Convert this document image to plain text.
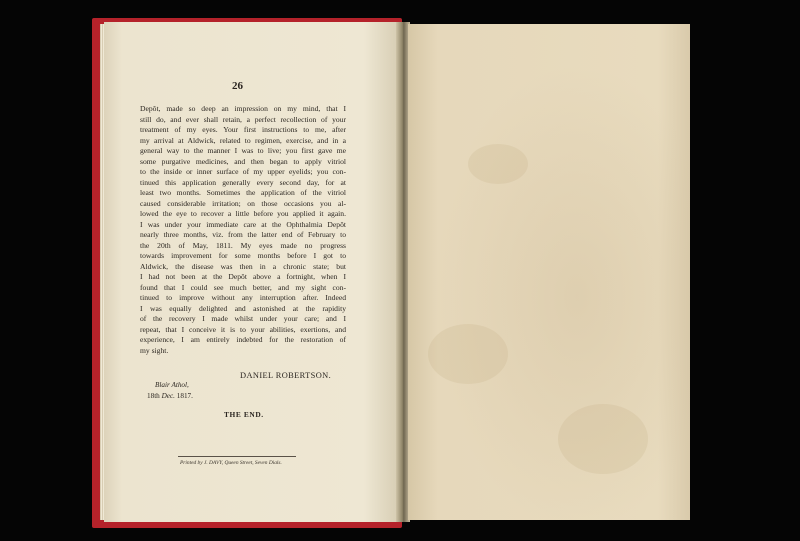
26
Depôt, made so deep an impression on my mind, that I
still do, and ever shall retain, a perfect recollection of your
treatment of my eyes. Your first instructions to me, after
my arrival at Aldwick, related to regimen, exercise, and in a
general way to the manner I was to live; you first gave me
some purgative medicines, and then began to apply vitriol
to the inside or inner surface of my upper eyelids; you con-
tinued this application generally every second day, for at
least two months. Sometimes the application of the vitriol
caused considerable irritation; on those occasions you al-
lowed the eye to recover a little before you applied it again.
I was under your immediate care at the Ophthalmia Depôt
nearly three months, viz. from the latter end of February to
the 20th of May, 1811. My eyes made no progress
towards improvement for some months before I got to
Aldwick, the disease was then in a chronic state; but
I had not been at the Depôt above a fortnight, when I
found that I could see much better, and my sight con-
tinued to improve without any interruption after. Indeed
I was equally delighted and astonished at the rapidity
of the recovery I made whilst under your care; and I
repeat, that I conceive it is to your abilities, exertions, and
experience, I am entirely indebted for the restoration of
my sight.
DANIEL ROBERTSON.
Blair Athol,
18th Dec. 1817.
THE END.
Printed by J. DAVY, Queen Street, Seven Dials.
